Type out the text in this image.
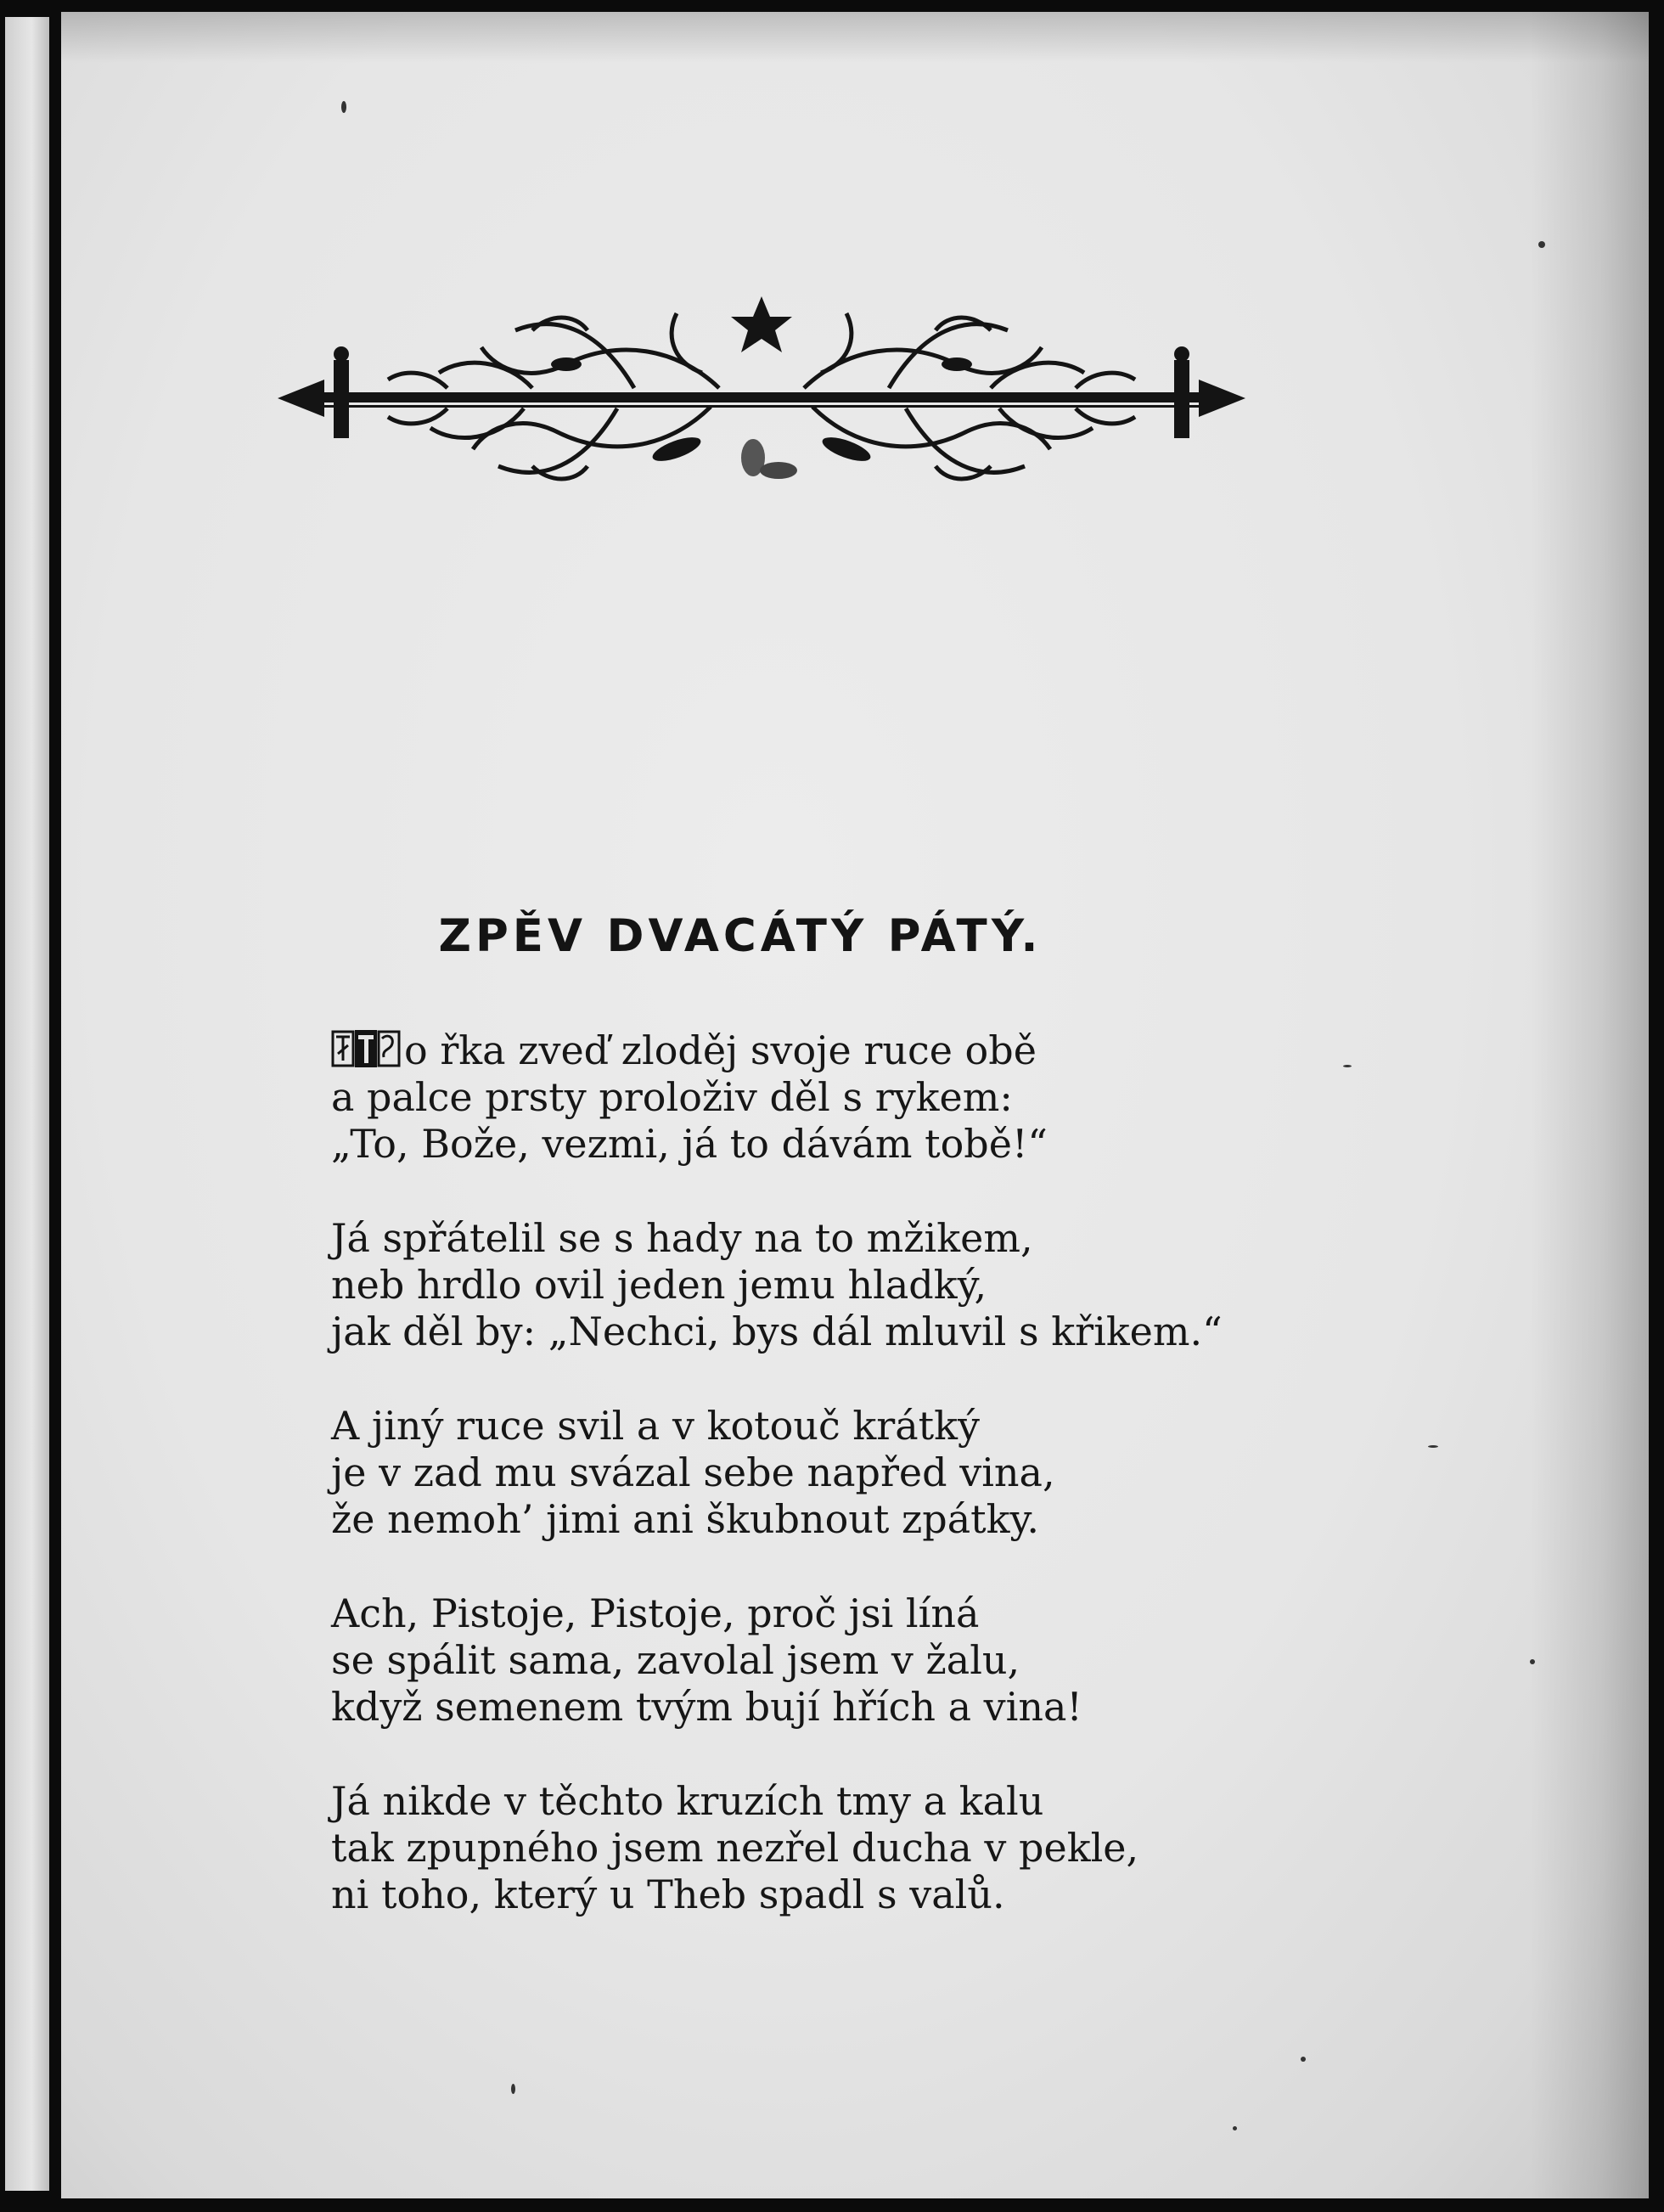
ZPĚV DVACÁTÝ PÁTÝ.
o řka zveď zloděj svoje ruce obě
a palce prsty proloživ děl s rykem:
„To, Bože, vezmi, já to dávám tobě!“
Já spřátelil se s hady na to mžikem,
neb hrdlo ovil jeden jemu hladký,
jak děl by: „Nechci, bys dál mluvil s křikem.“
A jiný ruce svil a v kotouč krátký
je v zad mu svázal sebe napřed vina,
že nemoh’ jimi ani škubnout zpátky.
Ach, Pistoje, Pistoje, proč jsi líná
se spálit sama, zavolal jsem v žalu,
když semenem tvým bují hřích a vina!
Já nikde v těchto kruzích tmy a kalu
tak zpupného jsem nezřel ducha v pekle,
ni toho, který u Theb spadl s valů.
